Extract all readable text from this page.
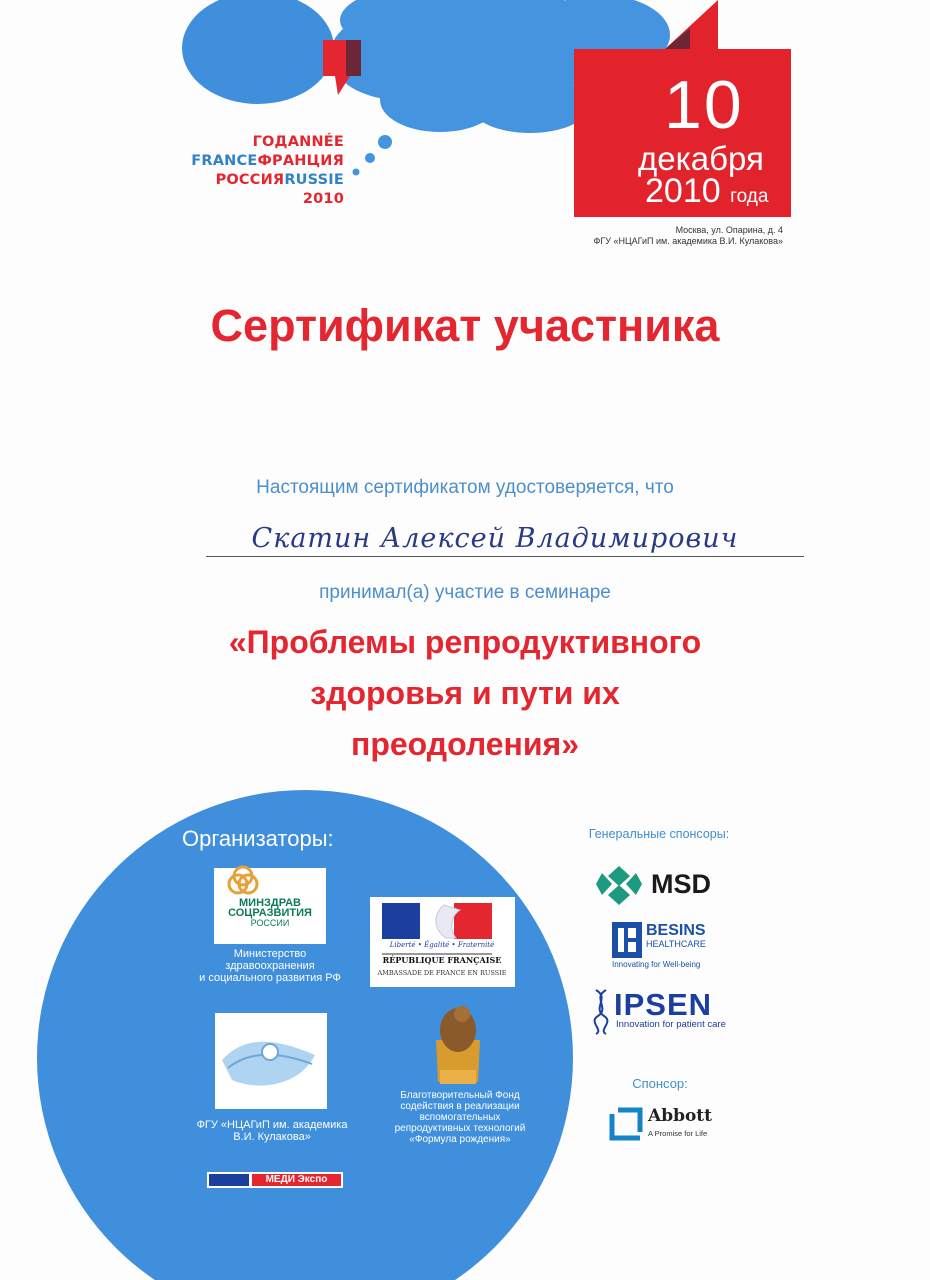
ГОДANNÉE
FRANCEФРАНЦИЯ
РОССИЯRUSSIE
2010
10
декабря
2010 года
Москва, ул. Опарина, д. 4
ФГУ «НЦАГиП им. академика В.И. Кулакова»
Сертификат участника
Настоящим сертификатом удостоверяется, что
Скатин Алексей Владимирович
принимал(а) участие в семинаре
«Проблемы репродуктивного
здоровья и пути их
преодоления»
Организаторы:
МИНЗДРАВ
СОЦРАЗВИТИЯ
РОССИИ
Министерство
здравоохранения
и социального развития РФ
Liberté • Égalité • Fraternité
RÉPUBLIQUE FRANÇAISE
AMBASSADE DE FRANCE EN RUSSIE
ФГУ «НЦАГиП им. академика
В.И. Кулакова»
Благотворительный Фонд
содействия в реализации
вспомогательных
репродуктивных технологий
«Формула рождения»
МЕДИ Экспо
Генеральные спонсоры:
MSD
BESINS
HEALTHCARE
Innovating for Well-being
IPSEN
Innovation for patient care
Спонсор:
Abbott
A Promise for Life
